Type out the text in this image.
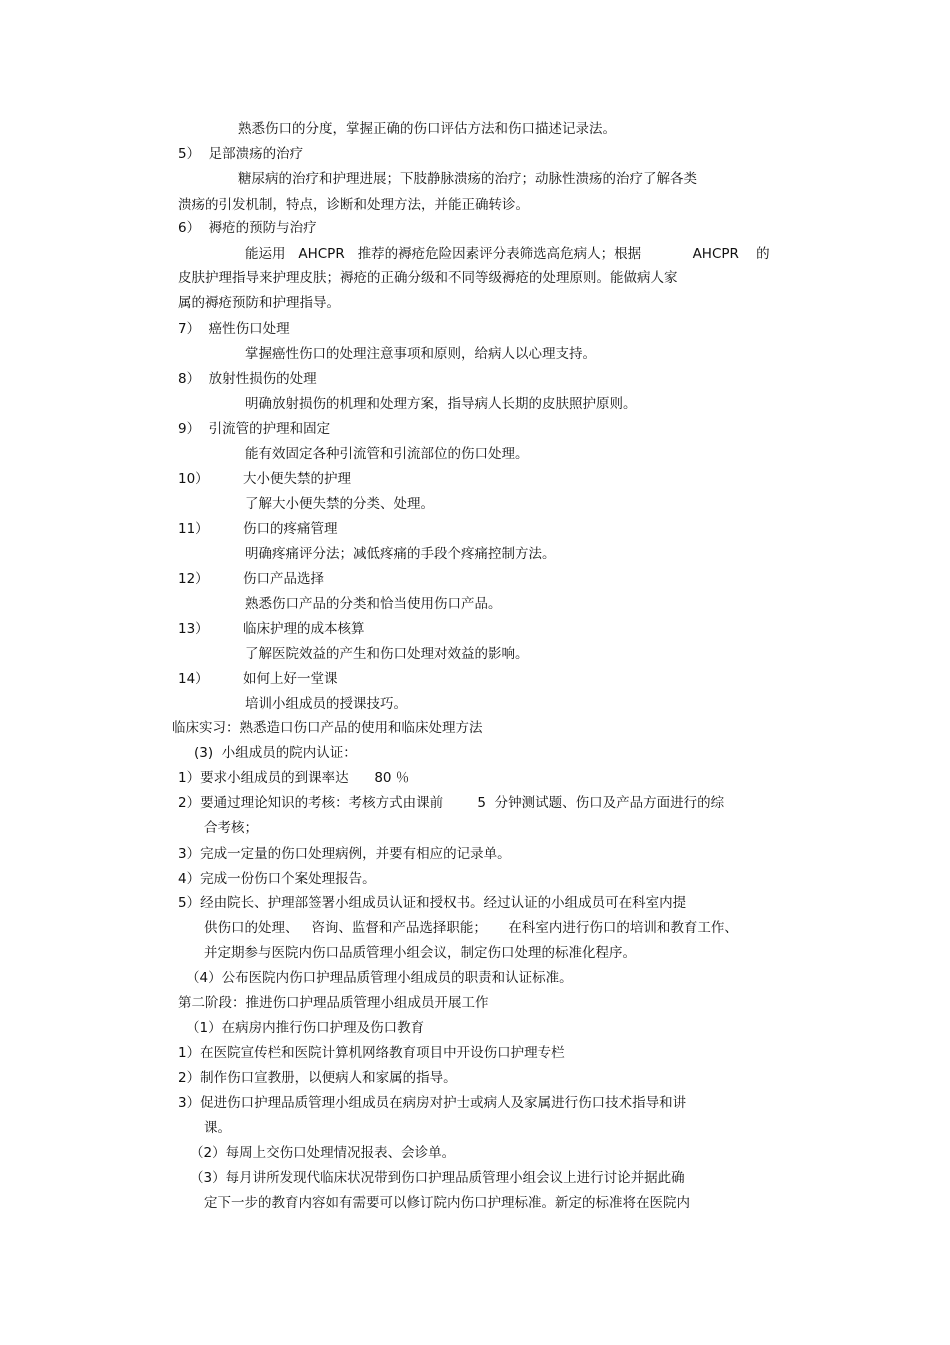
熟悉伤口的分度，掌握正确的伤口评估方法和伤口描述记录法。
5）  足部溃疡的治疗
糖尿病的治疗和护理进展；下肢静脉溃疡的治疗；动脉性溃疡的治疗了解各类
溃疡的引发机制，特点，诊断和处理方法，并能正确转诊。
6）  褥疮的预防与治疗
能运用   AHCPR   推荐的褥疮危险因素评分表筛选高危病人；根据            AHCPR    的
皮肤护理指导来护理皮肤；褥疮的正确分级和不同等级褥疮的处理原则。能做病人家
属的褥疮预防和护理指导。
7）  癌性伤口处理
掌握癌性伤口的处理注意事项和原则，给病人以心理支持。
8）  放射性损伤的处理
明确放射损伤的机理和处理方案，指导病人长期的皮肤照护原则。
9）  引流管的护理和固定
能有效固定各种引流管和引流部位的伤口处理。
10）	大小便失禁的护理
了解大小便失禁的分类、处理。
11）	伤口的疼痛管理
明确疼痛评分法；减低疼痛的手段个疼痛控制方法。
12）	伤口产品选择
熟悉伤口产品的分类和恰当使用伤口产品。
13）	临床护理的成本核算
了解医院效益的产生和伤口处理对效益的影响。
14）	如何上好一堂课
培训小组成员的授课技巧。
临床实习：熟悉造口伤口产品的使用和临床处理方法
(3)  小组成员的院内认证：
1）要求小组成员的到课率达      80 ％
2）要通过理论知识的考核：考核方式由课前        5  分钟测试题、伤口及产品方面进行的综
合考核；
3）完成一定量的伤口处理病例，并要有相应的记录单。
4）完成一份伤口个案处理报告。
5）经由院长、护理部签署小组成员认证和授权书。经过认证的小组成员可在科室内提
供伤口的处理、   咨询、监督和产品选择职能；     在科室内进行伤口的培训和教育工作、
并定期参与医院内伤口品质管理小组会议，制定伤口处理的标准化程序。
（4）公布医院内伤口护理品质管理小组成员的职责和认证标准。
第二阶段：推进伤口护理品质管理小组成员开展工作
（1）在病房内推行伤口护理及伤口教育
1）在医院宣传栏和医院计算机网络教育项目中开设伤口护理专栏
2）制作伤口宣教册，以便病人和家属的指导。
3）促进伤口护理品质管理小组成员在病房对护士或病人及家属进行伤口技术指导和讲
课。
（2）每周上交伤口处理情况报表、会诊单。
（3）每月讲所发现代临床状况带到伤口护理品质管理小组会议上进行讨论并据此确
定下一步的教育内容如有需要可以修订院内伤口护理标准。新定的标准将在医院内
